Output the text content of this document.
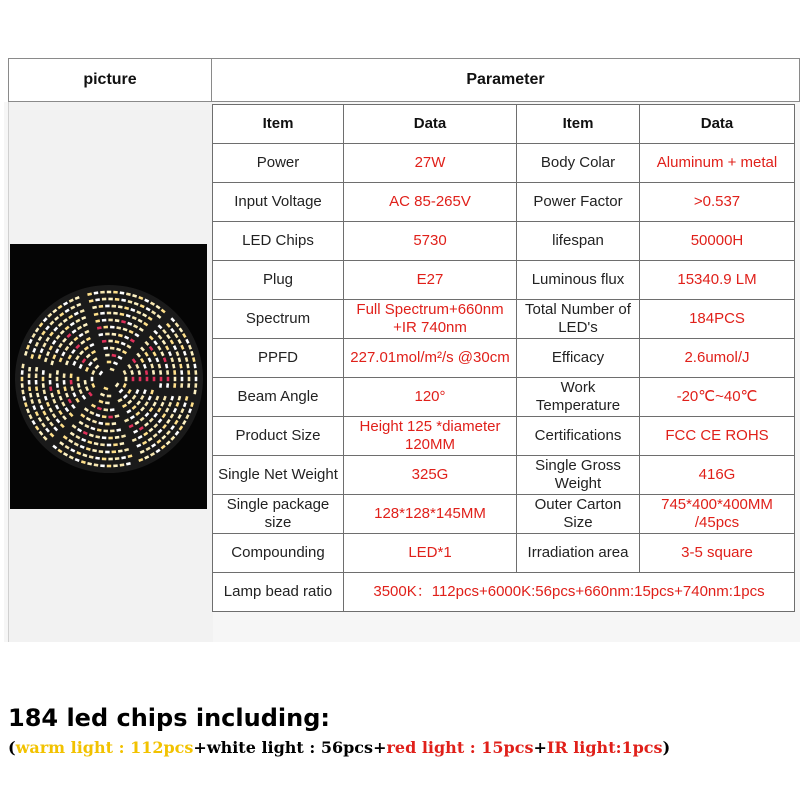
picture	Parameter
Item	Data	Item	Data
Power	27W	Body Colar	Aluminum + metal
Input Voltage	AC 85-265V	Power Factor	>0.537
LED Chips	5730	lifespan	50000H
Plug	E27	Luminous flux	15340.9 LM
Spectrum	Full Spectrum+660nm +IR 740nm	Total Number of LED's	184PCS
PPFD	227.01mol/m²/s @30cm	Efficacy	2.6umol/J
Beam Angle	120°	Work Temperature	-20℃~40℃
Product Size	Height 125 *diameter 120MM	Certifications	FCC CE ROHS
Single Net Weight	325G	Single Gross Weight	416G
Single package size	128*128*145MM	Outer Carton Size	745*400*400MM /45pcs
Compounding	LED*1	Irradiation area	3-5 square
Lamp bead ratio	3500K：112pcs+6000K:56pcs+660nm:15pcs+740nm:1pcs		
184 led chips including:
(warm light : 112pcs+white light : 56pcs+red light : 15pcs+IR light:1pcs)
